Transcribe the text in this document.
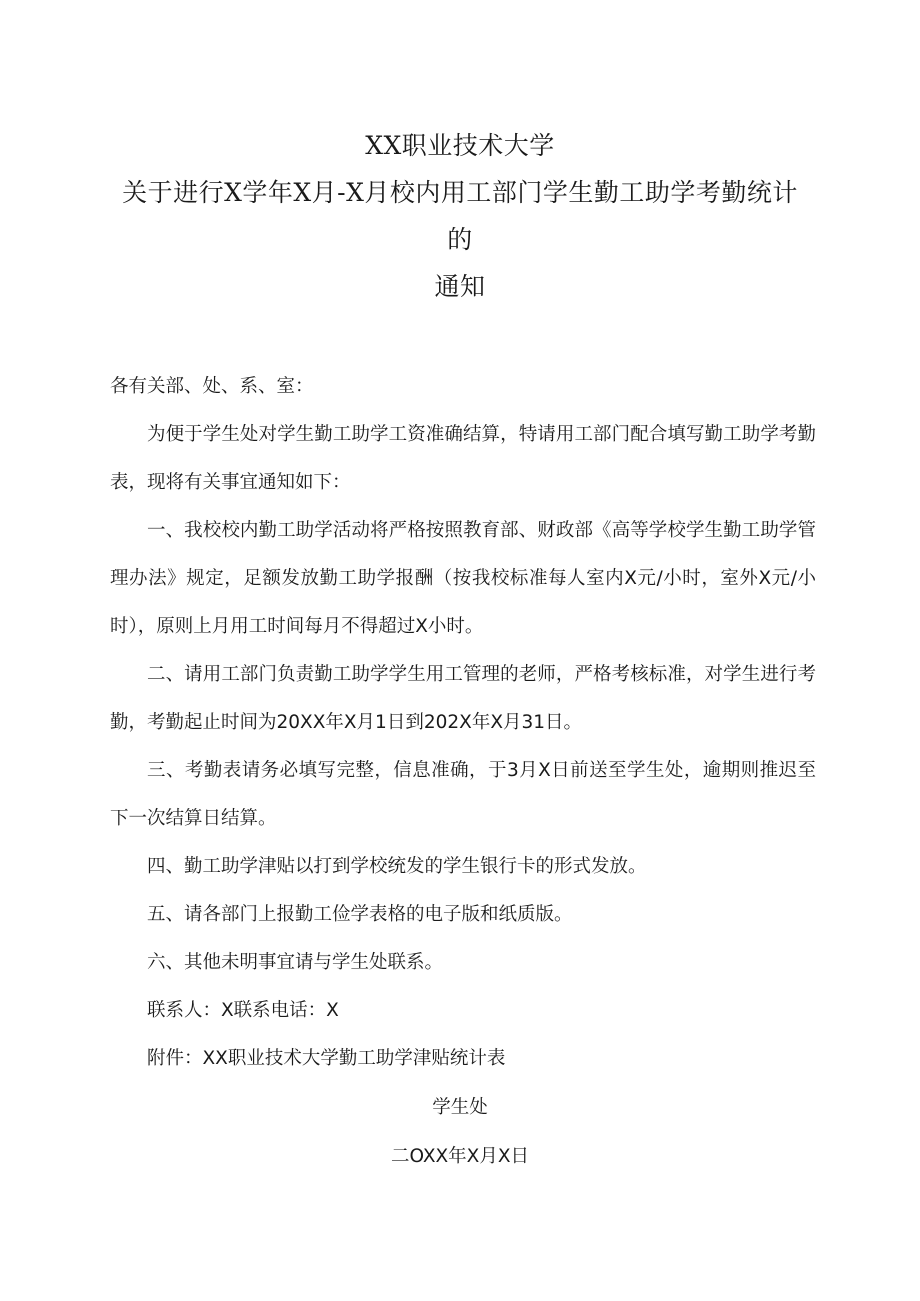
XX职业技术大学
关于进行X学年X月-X月校内用工部门学生勤工助学考勤统计
的
通知
各有关部、处、系、室：

为便于学生处对学生勤工助学工资准确结算，特请用工部门配合填写勤工助学考勤表，现将有关事宜通知如下：

一、我校校内勤工助学活动将严格按照教育部、财政部《高等学校学生勤工助学管理办法》规定，足额发放勤工助学报酬（按我校标准每人室内X元/小时，室外X元/小时），原则上月用工时间每月不得超过X小时。

二、请用工部门负责勤工助学学生用工管理的老师，严格考核标准，对学生进行考勤，考勤起止时间为20XX年X月1日到202X年X月31日。

三、考勤表请务必填写完整，信息准确，于3月X日前送至学生处，逾期则推迟至下一次结算日结算。

四、勤工助学津贴以打到学校统发的学生银行卡的形式发放。

五、请各部门上报勤工俭学表格的电子版和纸质版。

六、其他未明事宜请与学生处联系。

联系人：X联系电话：X

附件：XX职业技术大学勤工助学津贴统计表

学生处
二OXX年X月X日
